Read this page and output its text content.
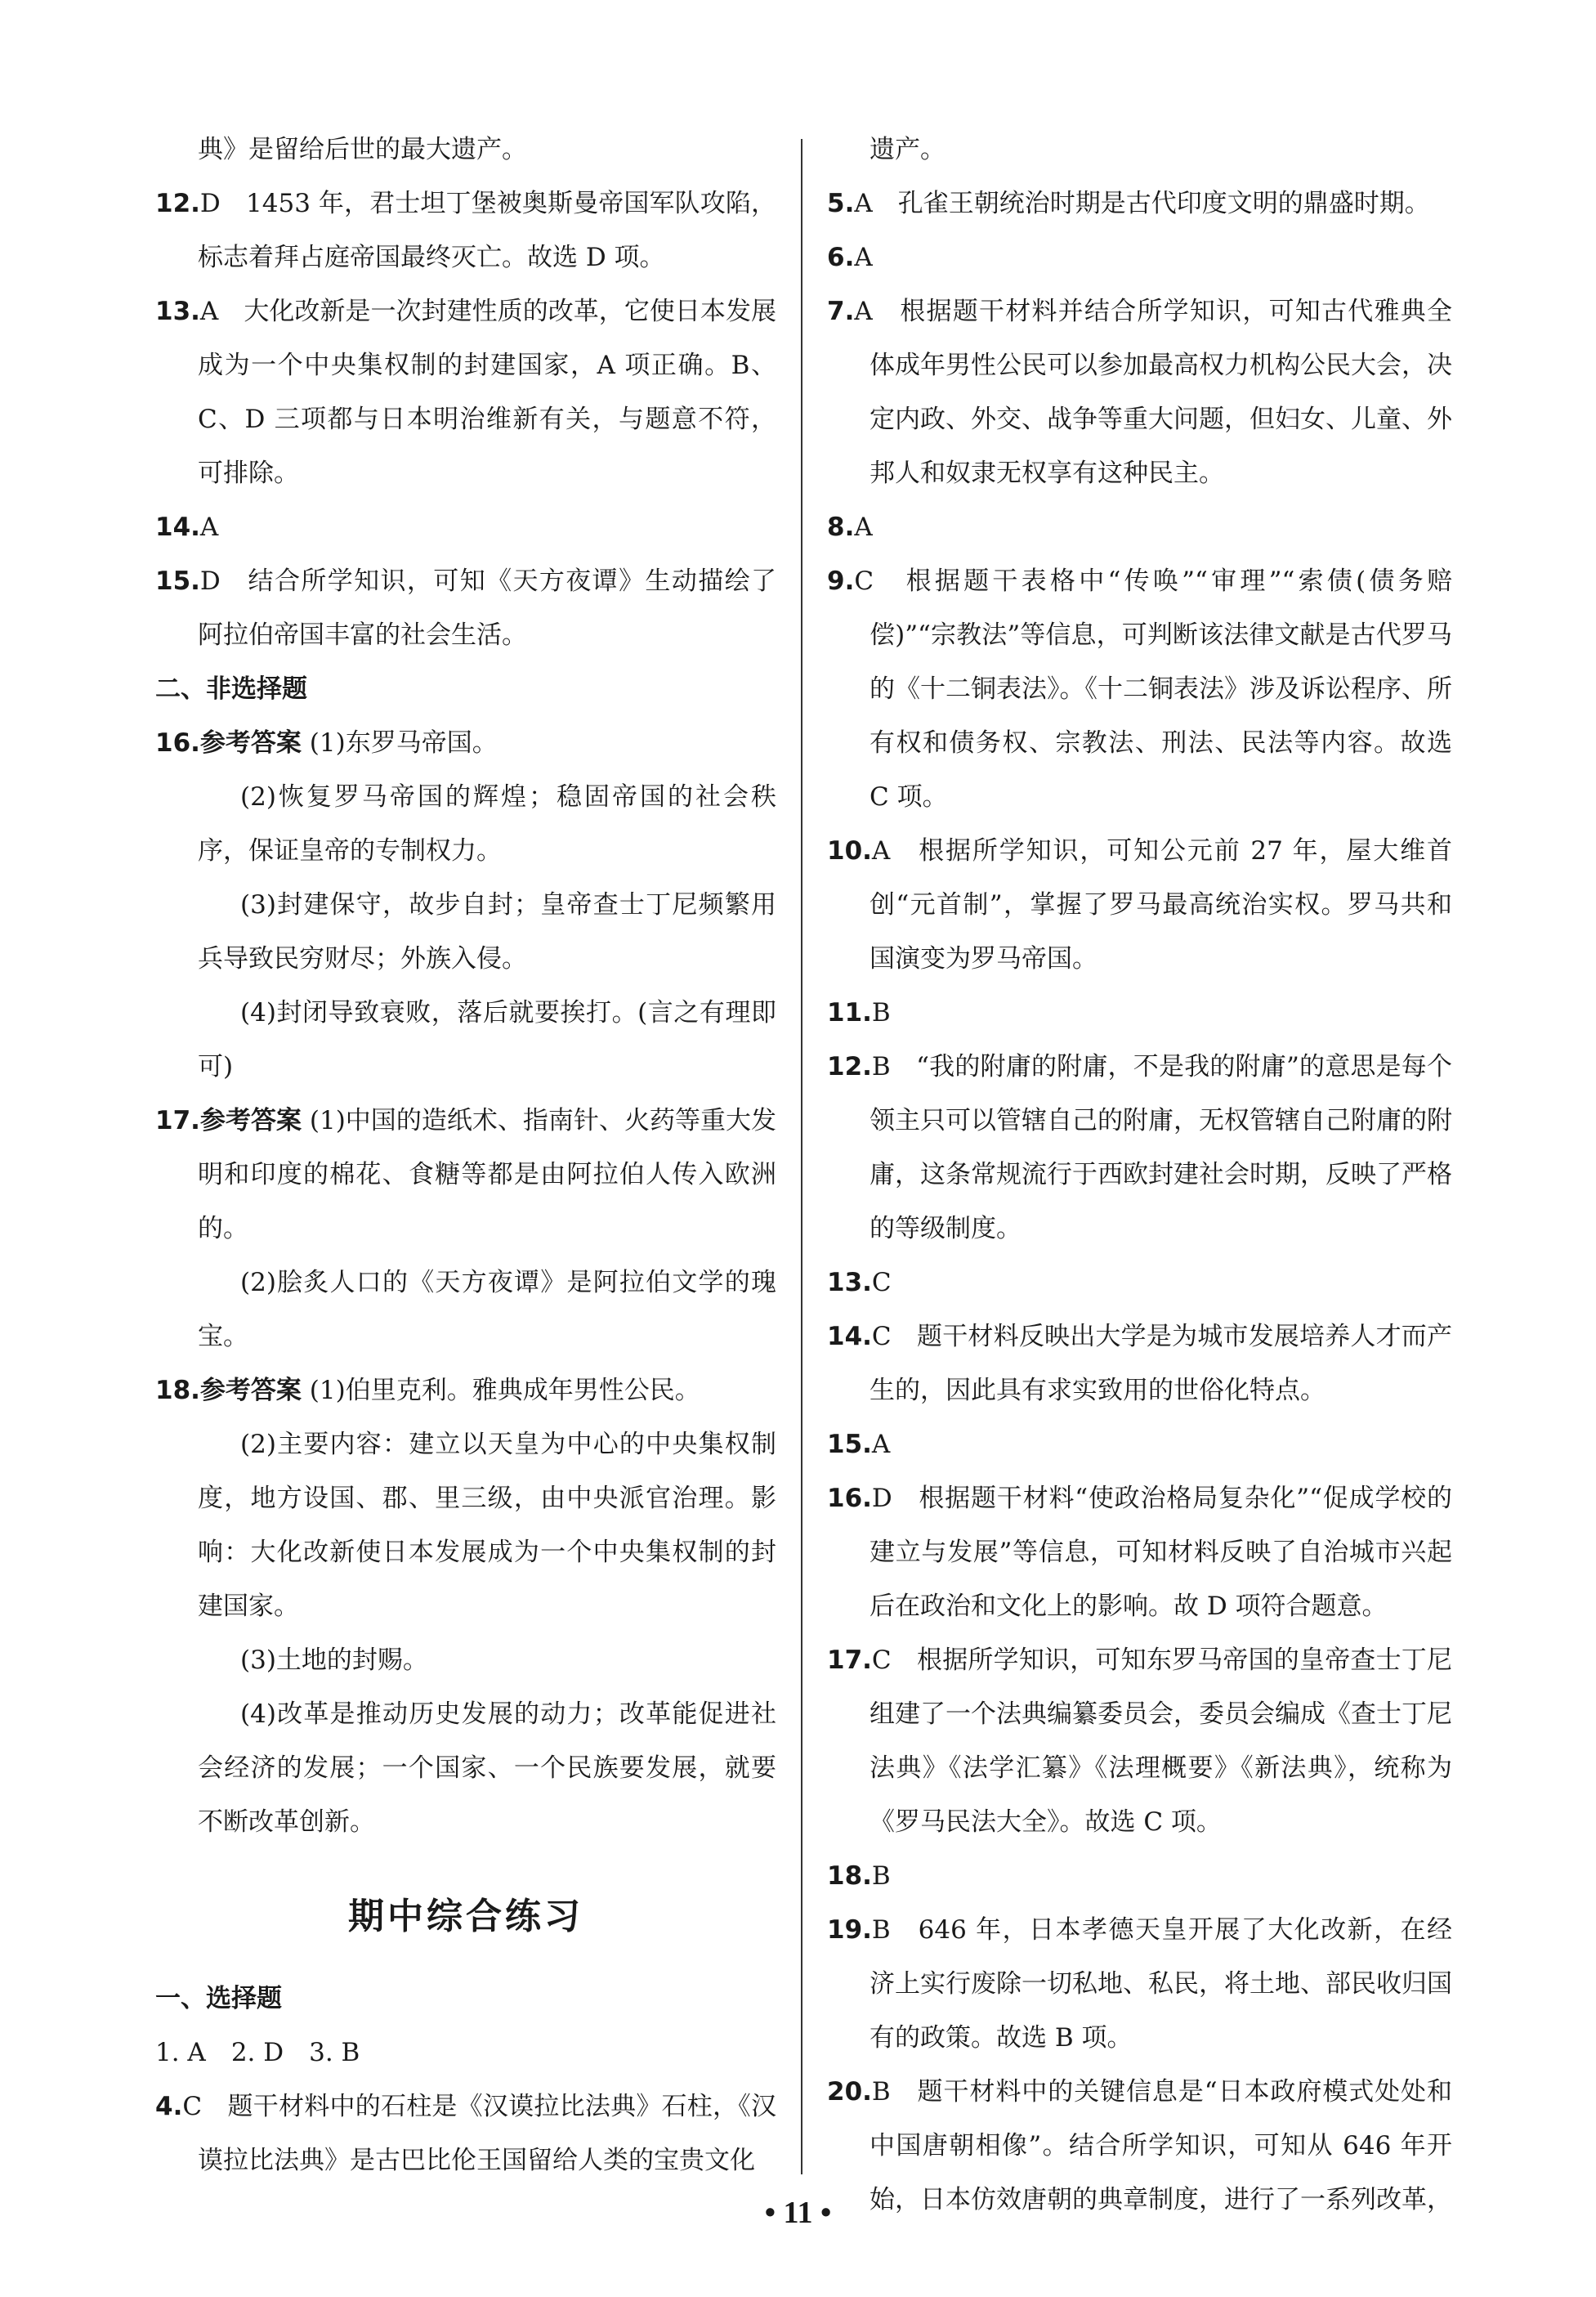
典》是留给后世的最大遗产。

12.D　1453 年，君士坦丁堡被奥斯曼帝国军队攻陷，标志着拜占庭帝国最终灭亡。故选 D 项。

13.A　大化改新是一次封建性质的改革，它使日本发展成为一个中央集权制的封建国家，A 项正确。B、C、D 三项都与日本明治维新有关，与题意不符，可排除。

14.A

15.D　结合所学知识，可知《天方夜谭》生动描绘了阿拉伯帝国丰富的社会生活。

二、非选择题

16.参考答案 (1)东罗马帝国。

(2)恢复罗马帝国的辉煌；稳固帝国的社会秩序，保证皇帝的专制权力。

(3)封建保守，故步自封；皇帝查士丁尼频繁用兵导致民穷财尽；外族入侵。

(4)封闭导致衰败，落后就要挨打。(言之有理即可)

17.参考答案 (1)中国的造纸术、指南针、火药等重大发明和印度的棉花、食糖等都是由阿拉伯人传入欧洲的。

(2)脍炙人口的《天方夜谭》是阿拉伯文学的瑰宝。

18.参考答案 (1)伯里克利。雅典成年男性公民。

(2)主要内容：建立以天皇为中心的中央集权制度，地方设国、郡、里三级，由中央派官治理。影响：大化改新使日本发展成为一个中央集权制的封建国家。

(3)土地的封赐。

(4)改革是推动历史发展的动力；改革能促进社会经济的发展；一个国家、一个民族要发展，就要不断改革创新。

期中综合练习

一、选择题

1. A　2. D　3. B

4.C　题干材料中的石柱是《汉谟拉比法典》石柱，《汉谟拉比法典》是古巴比伦王国留给人类的宝贵文化

遗产。

5.A　孔雀王朝统治时期是古代印度文明的鼎盛时期。

6.A

7.A　根据题干材料并结合所学知识，可知古代雅典全体成年男性公民可以参加最高权力机构公民大会，决定内政、外交、战争等重大问题，但妇女、儿童、外邦人和奴隶无权享有这种民主。

8.A

9.C　根据题干表格中“传唤”“审理”“索债(债务赔偿)”“宗教法”等信息，可判断该法律文献是古代罗马的《十二铜表法》。《十二铜表法》涉及诉讼程序、所有权和债务权、宗教法、刑法、民法等内容。故选 C 项。

10.A　根据所学知识，可知公元前 27 年，屋大维首创“元首制”，掌握了罗马最高统治实权。罗马共和国演变为罗马帝国。

11.B

12.B　“我的附庸的附庸，不是我的附庸”的意思是每个领主只可以管辖自己的附庸，无权管辖自己附庸的附庸，这条常规流行于西欧封建社会时期，反映了严格的等级制度。

13.C

14.C　题干材料反映出大学是为城市发展培养人才而产生的，因此具有求实致用的世俗化特点。

15.A

16.D　根据题干材料“使政治格局复杂化”“促成学校的建立与发展”等信息，可知材料反映了自治城市兴起后在政治和文化上的影响。故 D 项符合题意。

17.C　根据所学知识，可知东罗马帝国的皇帝查士丁尼组建了一个法典编纂委员会，委员会编成《查士丁尼法典》《法学汇纂》《法理概要》《新法典》，统称为《罗马民法大全》。故选 C 项。

18.B

19.B　646 年，日本孝德天皇开展了大化改新，在经济上实行废除一切私地、私民，将土地、部民收归国有的政策。故选 B 项。

20.B　题干材料中的关键信息是“日本政府模式处处和中国唐朝相像”。结合所学知识，可知从 646 年开始，日本仿效唐朝的典章制度，进行了一系列改革，

• 11 •
